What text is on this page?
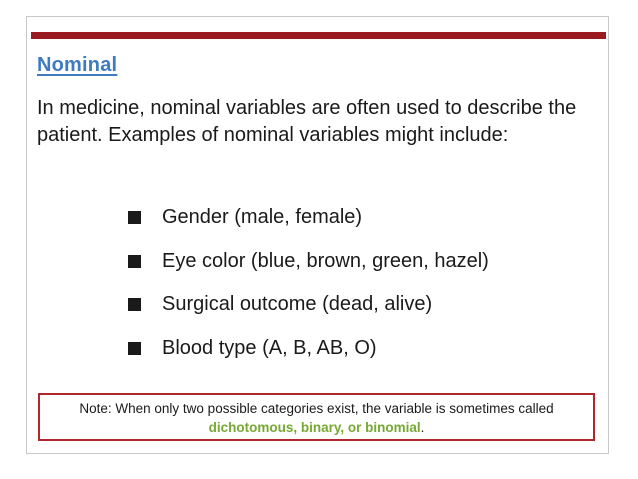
Nominal
In medicine, nominal variables are often used to describe the patient. Examples of nominal variables might include:
Gender (male, female)
Eye color (blue, brown, green, hazel)
Surgical outcome (dead, alive)
Blood type (A, B, AB, O)
Note: When only two possible categories exist, the variable is sometimes called
dichotomous, binary, or binomial.
